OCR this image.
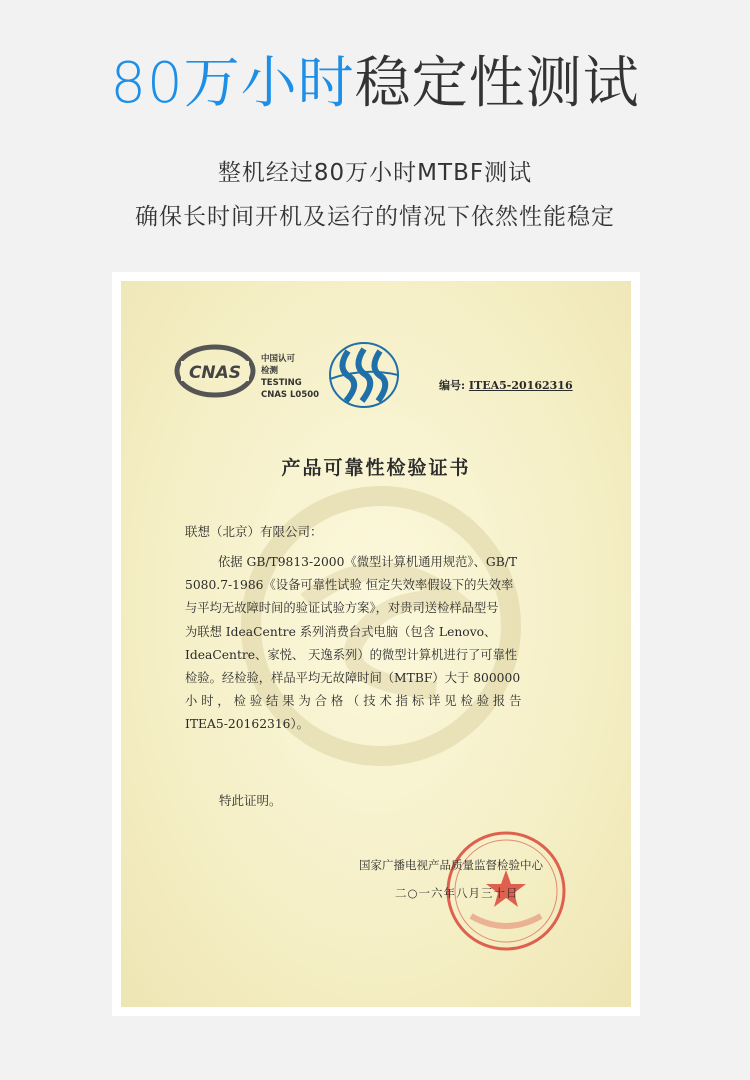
80万小时稳定性测试
整机经过80万小时MTBF测试
确保长时间开机及运行的情况下依然性能稳定
CNAS
中国认可
检测
TESTING
CNAS L0500
编号: ITEA5-20162316
产品可靠性检验证书
联想（北京）有限公司：
依据 GB/T9813-2000《微型计算机通用规范》、GB/T
5080.7-1986《设备可靠性试验 恒定失效率假设下的失效率
与平均无故障时间的验证试验方案》，对贵司送检样品型号
为联想 IdeaCentre 系列消费台式电脑（包含 Lenovo、
IdeaCentre、家悦、 天逸系列）的微型计算机进行了可靠性
检验。经检验，样品平均无故障时间（MTBF）大于 800000
小 时 ， 检 验 结 果 为 合 格 （ 技 术 指 标 详 见 检 验 报 告
ITEA5-20162316）。
特此证明。
国家广播电视产品质量监督检验中心
二○一六年八月三十日
